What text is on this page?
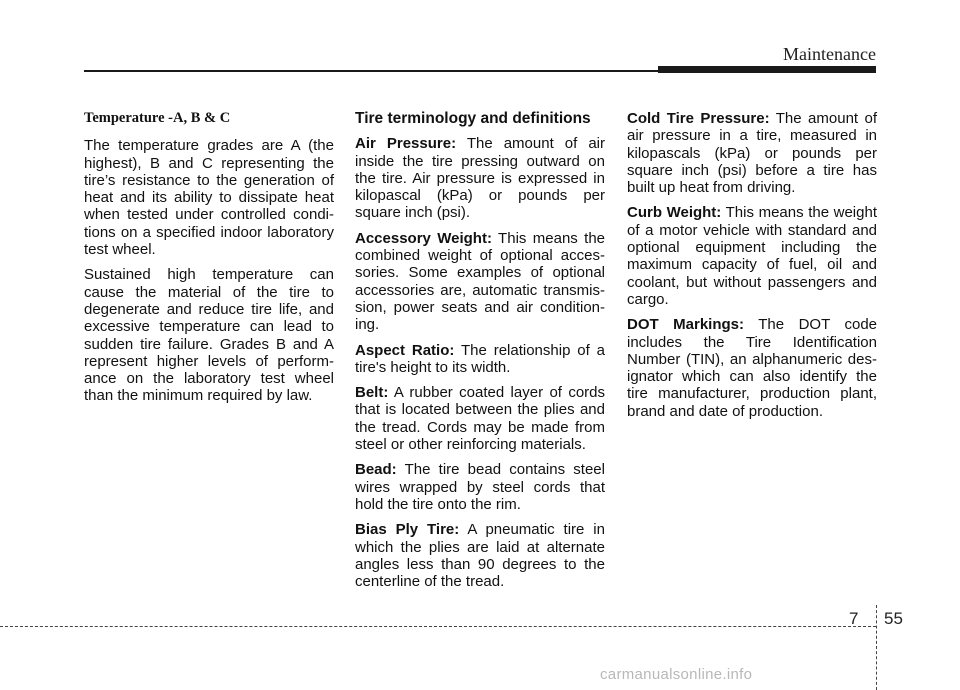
Maintenance

Temperature -A, B & C

The temperature grades are A (the highest), B and C representing the tire’s resistance to the generation of heat and its ability to dissipate heat when tested under controlled condi-tions on a specified indoor laboratory test wheel.

Sustained high temperature can cause the material of the tire to degenerate and reduce tire life, and excessive temperature can lead to sudden tire failure. Grades B and A represent higher levels of perform-ance on the laboratory test wheel than the minimum required by law.

Tire terminology and definitions

Air Pressure: The amount of air inside the tire pressing outward on the tire. Air pressure is expressed in kilopascal (kPa) or pounds per square inch (psi).

Accessory Weight: This means the combined weight of optional acces-sories. Some examples of optional accessories are, automatic transmis-sion, power seats and air condition-ing.

Aspect Ratio: The relationship of a tire's height to its width.

Belt: A rubber coated layer of cords that is located between the plies and the tread. Cords may be made from steel or other reinforcing materials.

Bead: The tire bead contains steel wires wrapped by steel cords that hold the tire onto the rim.

Bias Ply Tire: A pneumatic tire in which the plies are laid at alternate angles less than 90 degrees to the centerline of the tread.

Cold Tire Pressure: The amount of air pressure in a tire, measured in kilopascals (kPa) or pounds per square inch (psi) before a tire has built up heat from driving.

Curb Weight: This means the weight of a motor vehicle with standard and optional equipment including the maximum capacity of fuel, oil and coolant, but without passengers and cargo.

DOT Markings: The DOT code includes the Tire Identification Number (TIN), an alphanumeric des-ignator which can also identify the tire manufacturer, production plant, brand and date of production.

7 55
carmanualsonline.info
